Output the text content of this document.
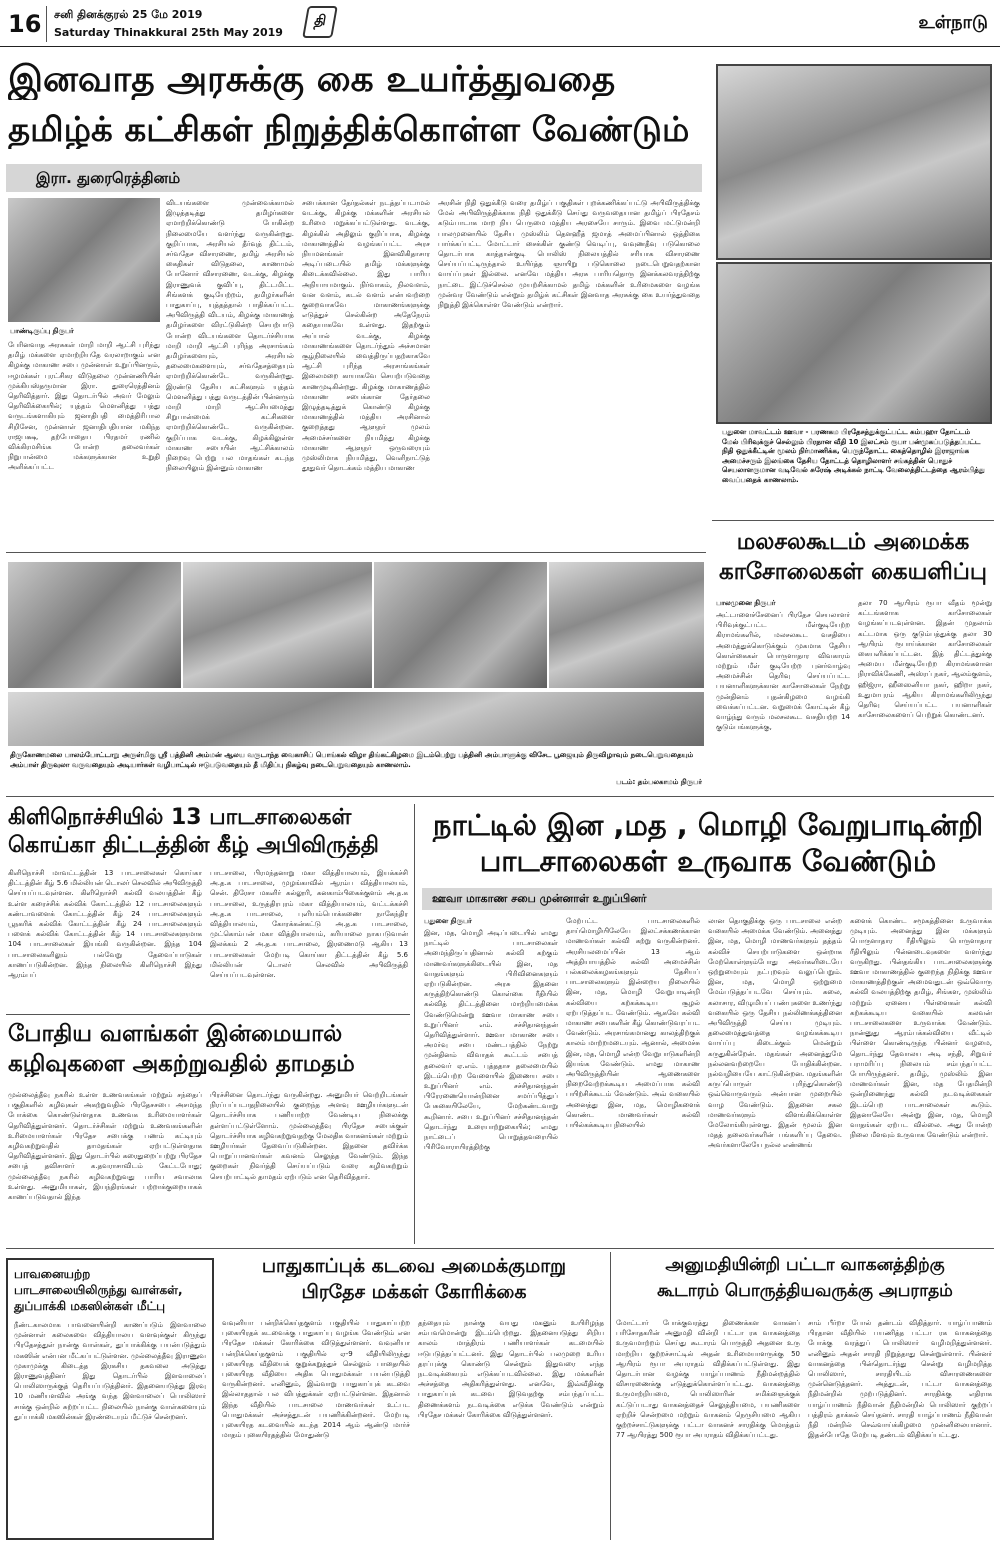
16 சனி தினக்குரல் 25 மே 2019
Saturday Thinakkural 25th May 2019
தி	உள்நாடு
இனவாத அரசுக்கு கை உயர்த்துவதை
தமிழ்க் கட்சிகள் நிறுத்திக்கொள்ள வேண்டும்
இரா. துரைரெத்தினம்
பாண்டிருப்பு நிருபர்
பேரினவாத அரசுகள் மாறி மாறி ஆட்சி புரிந்து தமிழ் மக்களை ஏமாற்றியதே வரலாறாகும் என கிழக்கு மாகாண சபை முன்னாள் உறுப்பினரும், ஈழமக்கள் புரட்சிகர விடுதலை முன்னணியின் முக்கியஸ்தருமான இரா. துரைரெத்தினம் தெரிவித்தார். இது தொடர்பில் அவர் மேலும் தெரிவிக்கையில்; யுத்தம் மௌனித்து பத்து வருடங்களாகியும் ஜனாதிபதி மைத்திரிபால சிறிசேன, முன்னாள் ஜனாதிபதியான மகிந்த ராஜபக்ஷ, தற்போதைய பிரதமர் ரணில் விக்கிரமசிங்க போன்ற தலைவர்கள் நிறுபான்மை மக்களுக்கான உறுதி அளிக்கப்பட்ட
விடயங்களை முன்வைக்காமல் இழுத்தடித்து தமிழர்களை ஏமாற்றிக்கொண்டு போகின்ற நிலைமையே வளர்ந்து வருகின்றது. குறிப்பாக, அரசியல் தீர்வுத் திட்டம், சர்வதேச விசாரணை, தமிழ் அரசியல் கைதிகள் விடுதலை, காணாமல் போனோர் விசாரணை, வடக்கு, கிழக்கு இராணுவக் குவிப்பு, திட்டமிட்ட சிங்களக் குடியேற்றம், தமிழர்களின் பாதுகாப்பு, யுத்தத்தால் பாதிக்கப்பட்ட அபிவிருத்தி விடயம், கிழக்கு மாகாணத் தமிழர்களை விரட்டுகின்ற செயற்பாடு போன்ற விடயங்களை தொடர்ச்சியாக மாறி மாறி ஆட்சி புரிந்த அரசாங்கம் தமிழர்களையும், அரசியல் தலைமைகளையும், சர்வதேசத்தையும் ஏமாற்றிக்கொண்டே வருகின்றது. இரண்டு தேசிய கட்சிகளும் யுத்தம் மௌனித்து பத்து வருடத்தின் பின்னரும் மாறி மாறி ஆட்சியமைத்து சிறுபான்மைக் கட்சிகளை ஏமாற்றிக்கொண்டே வருகின்றன. குறிப்பாக வடக்கு, கிழக்கிலுள்ள மாகாண சபையின் ஆட்சிக்காலம் நிறைவு பெற்று பல மாதங்கள் கடந்த நிலையிலும் இன்னும் மாகாண
சபைக்கான தேர்தல்கள் நடத்தப்படாமல் வடக்கு, கிழக்கு மக்களின் அரசியல் உரிமை மறுக்கப்பட்டுள்ளது. வடக்கு, கிழக்கில் அதிலும் குறிப்பாக, கிழக்கு மாகாணத்தில் வழங்கப்பட்ட அரச நியமனங்கள் இனவிகிதாசார அடிப்படையில் தமிழ் மக்களுக்கு கிடைக்கவில்லை. இது பாரிய அநியாயமாகும். நிர்வாகம், நிலவளம், வன வளம், கடல் வளம் என்பவற்றை குறைவாகவே மாகாணங்களுக்கு எடுத்துச் செல்கின்ற அதேநேரம் கதையாகவே உள்ளது. இதற்கும் அப்பால் வடக்கு, கிழக்கு மாகாணங்களை தொடர்ந்தும் அச்சமான சூழ்நிலையில் வைத்திருப்பதற்காகவே ஆட்சி புரிந்த அரசாங்கங்கள் இலைமறை காயாகவே செயற்படுவதை காணமுடிகின்றது. கிழக்கு மாகாணத்தில் மாகாண சபைக்கான தேர்தலை இழுத்தடித்துக் கொண்டு கிழக்கு மாகாணத்தில் மத்திய அரசினால் குறைத்தது ஆளுநர் முலம் அமைச்சர்களை நியமித்து கிழக்கு மாகாண ஆளுநர் ஒருவரையும் முஸ்லிமாக நியமித்து, வெளிநாட்டுத் தூதுவர் தொடக்கம் மத்திய மாகாண
அரசின் நிதி ஒதுக்கீடு வரை தமிழ்ப் பகுதிகள் புறக்கணிக்கப்பட்டு அபிவிருத்திக்கு மேல் அபிவிருத்திக்காக நிதி ஒதுக்கீடு செய்து வருவதையான தமிழ்ப் பிரதேசம் கடும்பாடாக மாற நிய பெருமை மத்திய அரசையே சாரும். இவை மட்டுமன்றி பாலமுனையில் தேசிய முஸ்லிம் தௌஹீத் ஜமாத் அமைப்பினால் ஒத்திகை பார்க்கப்பட்ட மோட்டார் சைக்கிள் குண்டு வெடிப்பு, வவுணதீவு படுகொலை தொடர்பாக காத்தான்குடி பொலிஸ் நிலையத்தில் சரியாக விசாரணை செய்யப்பட்டிருந்தால் உயிர்த்த ஞாயிறு படுகொலை நடைபெறுவதற்கான வாய்ப்புகள் இல்லை. எனவே மத்திய அரசு பாரியதொரு இனக்கலவரத்திற்கு நாட்டை இட்டுச்செல்ல முயற்சிக்காமல் தமிழ் மக்களின் உரிமைகளை வழங்க முன்வர வேண்டும் என்றும் தமிழ்க் கட்சிகள் இனவாத அரசுக்கு கை உயர்த்துவதை நிறுத்தி இக்கொள்ள வேண்டும் என்றார்.
பதுளை மாவட்டம் ஊவா - பரணகம பிரதேசத்துக்குட்பட்ட கம்பஹா தோட்டம் மேல் பிரிவுக்குச் செல்லும் பிரதான வீதி 10 இலட்சம் ரூபா பன்முகப்படுத்தப்பட்ட நிதி ஒதுக்கீட்டின் மூலம் நிர்மாணிக்க, பெருந்தோட்ட கைத்தொழில் இராஜாங்க அமைச்சரும் இலங்கை தேசிய தோட்டத் தொழிலாளர் சங்கத்தின் பொதுச் செயலாளருமான வடிவேல் சுரேஷ் அடிக்கல் நாட்டி வேலைத்திட்டத்தை ஆரம்பித்து வைப்பதைக் காணலாம்.
திருகோணமலை பாலம்போட்டாறு அருள்மிகு ஸ்ரீ பத்தினி அம்மன் ஆலய வருடாந்த வைகாசிப் பொங்கல் விழா திங்கட்கிழமை இடம்பெற்று பத்தினி அம்பாளுக்கு விசேட பூஜையும் திருவிழாவும் நடைபெறுவதையும் அம்பாள் திருவுலா வருவதையும் அடியார்கள் வழிபாட்டில் ஈடுபடுவதையும் தீ மிதிப்பு நிகழ்வு நடைபெறுவதையும் காணலாம்.
படம்: தம்பலகாமம் நிருபர்
மலசலகூடம் அமைக்க
காசோலைகள் கையளிப்பு
பாலமுனை நிருபர்
அட்டாளைச்சேனைப் பிரதேச செயலாளர் பிரிவுக்குட்பட்ட மீள்குடியேற்ற கிராமங்களில், மலசலகூட வசதியை அமைத்துக்கொடுக்கும் முகமாக தேசிய கொள்கைகள் பொருளாதார விவகாரம் மற்றும் மீள் குடியேற்ற புனர்வாழ்வு அமைச்சின் தெரிவு செய்யப்பட்ட பயனாளிகளுக்கான காசோலைகள் நேற்று முன்தினம் புதன்கிழமை வழங்கி வைக்கப்பட்டன. வறுமைக் கோட்டின் கீழ் வாழ்ந்து வரும் மலசலகூட வசதியற்ற 14 குடும்பங்களுக்கு,
தலா 70 ஆயிரம் ரூபா வீதம் மூன்று கட்டங்களாக காசோலைகள் வழங்கப்படவுள்ளன. இதன் முதலாம் கட்டமாக ஒரு குடும்பத்துக்கு தலா 30 ஆயிரம் ரூபாய்க்கான காசோலைகள் கையளிக்கப்பட்டன. இத் திட்டத்துக்கு அமைய மீள்குடியேற்ற கிராமங்களான நிராவிக்கேணி, அஸ்ரப் நகர், ஆலம்குளம், ஹிஜ்ரா, ஹீஸைனியா நகர், ஹிறா நகர், உதுமாபுரம் ஆகிய கிராமங்களிலிருந்து தெரிவு செய்யப்பட்ட பயனாளிகள் காசோலைகளைப் பெற்றுக் கொண்டனர்.
கிளிநொச்சியில் 13 பாடசாலைகள்
கொய்கா திட்டத்தின் கீழ் அபிவிருத்தி
கிளிநொச்சி மாவட்டத்தின் 13 பாடசாலைகள் கொய்கா திட்டத்தின் கீழ் 5.6 மில்லியன் டொலர் செலவில் அபிவிருத்தி செய்யப்படவுள்ளன. கிளிநொச்சி கல்வி வலயத்தின் கீழ் உள்ள கரைச்சிக் கல்விக் கோட்டத்தில் 12 பாடசாலைகளும் கண்டாவளைக் கோட்டத்தின் கீழ் 24 பாடசாலைகளும் பூநகரிக் கல்விக் கோட்டத்தின் கீழ் 24 பாடசாலைகளும் பளைக் கல்விக் கோட்டத்தின் கீழ் 14 பாடசாலைகளுமாக 104 பாடசாலைகள் இயங்கி வருகின்றன. இந்த 104 பாடசாலைகளிலும் பல்வேறு தேவைப்பாடுகள் காணப்படுகின்றன. இந்த நிலையில் கிளிநொச்சி இந்து ஆரம்பப்
பாடசாலை, பிரமந்தனாறு மகா வித்தியாலயம், இயக்கச்சி அ.த.க பாடசாலை, முழங்காவில் ஆரம்ப வித்தியாலயம், சென். திரேசா மகளிர் கல்லூரி, கனகாம்பிகைக்குளம் அ.த.க பாடசாலை, உருத்திரபுரம் மகா வித்தியாலயம், வட்டக்கச்சி அ.த.க பாடசாலை, புளியம்பொக்கணை நாகேந்திர வித்தியாலயம், கோரக்கன்கட்டு அ.த.க பாடசாலை, முட்கொம்பன் மகா வித்தியாலயம், கரியாலை நாகபடுவான் இலக்கம் 2 அ.த.க பாடசாலை, இரணைமடு ஆகிய 13 பாடசாலைகள் மேற்படி கொய்கா திட்டத்தின் கீழ் 5.6 மில்லியன் டொலர் செலவில் அபிவிருத்தி செய்யப்படவுள்ளன.
நாட்டில் இன ,மத , மொழி வேறுபாடின்றி
பாடசாலைகள் உருவாக வேண்டும்
ஊவா மாகாண சபை முன்னாள் உறுப்பினர்
பதுளை நிருபர்
இன, மத, மொழி அடிப்படையில் எமது நாட்டில் பாடசாலைகள் அமைந்திருப்பதினால் கல்வி கற்கும் மாணவர்களுக்கிடையில் இன, மத வாதங்களும் பிரிவினைகளும் ஏற்படுகின்றன. அரசு இதனை கருத்திற்கொண்டு கொள்கை ரீதியில் கல்வித் திட்டத்தினை மாற்றியமைக்க வேண்டுமென்று ஊவா மாகாண சபை உறுப்பினர் எம். சச்சிதானந்தன் தெரிவித்துள்ளார். ஊவா மாகாண சபை அமர்வு சபை மண்டபத்தில் நேற்று முன்தினம் விவாதக் கூட்டம் சபைத் தலைவர் ஏ.எம். புத்ததாச தலைமையில் இடம்பெற்ற வேளையில் இணைய சபை உறுப்பினர் எம். சச்சிதானந்தன் பிரேரணையொன்றினை சமர்ப்பித்துப் பேசுகையிலேயே, மேற்கண்டவாறு கூறினார். சபை உறுப்பினர் சச்சிதானந்தன் தொடர்ந்து உரையாற்றுகையில்; எமது நாட்டைப் பொறுத்தவரையில் பிரிவோராயிரத்திற்கு
மேற்பட்ட பாடசாலைகளில் தாய்மொழியிலேயே இலட்சக்கணக்கான மாணவர்கள் கல்வி கற்று வருகின்றனர். அரசியலமைப்பின் 13 ஆம் அத்தியாயத்தில் கல்வி அமைச்சின் பல்கலைக்கழகங்களும் தேசியப் பாடசாலைகளும் இன்றைய நிலையில் இன, மத, மொழி வேறுபாடின்றி கல்வியை கற்கக்கூடிய சூழல் ஏற்படுத்தப்பட வேண்டும். ஆகவே கல்வி மாகாண சபைகளின் கீழ் கொண்டுவரப்பட வேண்டும். அரசாங்கமானது காலத்திற்குக் காலம் மாற்றமடையும். ஆனால், அமைச்சு இன, மத, மொழி என்ற வேறுபாடுகளின்றி இயங்க வேண்டும். எமது மாகாண அபிவிருத்தியின் ஆணைகளை நிறைவேற்றக்கூடிய அமைப்பாக கல்வி பயிற்சிக்கூடம் வேண்டும். அவ் வகையில் அனைத்து இன, மத, மொழிகளைக் கொண்ட மாணவர்கள் கல்வி பயில்கக்கூடிய நிலையில்
லான தொகுதிக்கு ஒரு பாடசாலை என்ற வகையில் அமைக்க வேண்டும். அனைத்து இன, மத, மொழி மாணவர்களும் தத்தம் கல்விச் செயற்பாடுகளை ஒன்றாக மேற்கொள்ளும்போது அவர்களிடையே ஒற்றுமையும் நட்புறவும் வலுப்பெறும். இன, மத, மொழி ஒற்றுமை மேம்படுத்தப்படவே செய்யும். கலை, கலாசார, விழுமியப் பண்புகளை உணர்ந்து வகையில் ஒரு தேசிய நல்லிணக்கத்தினை அபிவிருத்தி செய்ய முடியும். தலைமைத்துவத்தை வழங்கக்கூடிய வாய்ப்பு கிடைக்கும் மென்றும் கருதுகின்றேன். மதங்கள் அனைத்துமே நல்லனவற்றையே போதிக்கின்றன. நல்வழியையே காட்டுகின்றன. மதங்களின் கருப்பொருள் புரிந்துகொண்டு ஒவ்வொருவரும் அன்பான முறையில் வாழ வேண்டும். இதனை சகல மாணவர்களும் விளங்கிக்கொள்ள மேலோங்கியுள்ளது. இதன் மூலம் இன மதத் தலைவர்களின் பங்களிப்பு தேவை. அவர்களாலேயே நல்ல எண்ணங்
களைக் கொண்ட சமூகத்தினை உருவாக்க முடியும். அனைத்து இன மக்களும் பொருளாதார ரீதியிலும் பொருளாதார ரீதியிலும் பின்னடைவுகளை வளர்ந்து வருகிறது. பின்தங்கிய பாடசாலைகளுக்கு ஊவா மாகாணத்தில் குறைந்த நிதிக்கு ஊவா மாகாணத்திற்குள் அமைவதுடன் ஒவ்வொரு கல்வி வலயத்திற்கு தமிழ், சிங்கள, முஸ்லிம் மற்றும் ஏனைய பிள்ளைகள் கல்வி கற்கக்கூடிய வகையில் கலவன் பாடசாலைகளை உருவாக்க வேண்டும். நான்னுது ஆரம்பக்கல்வியை வீட்டில் பிள்ளை கொண்டிருந்த பின்னர் வழமை, தொடர்ந்து தேவாலய அடி சந்தி, சிறுவர் பராமரிப்பு நிலையம் சம்பந்தப்பட்ட போயிருந்தனர். தமிழ், முஸ்லிம் இன மாணவர்கள் இன, மத பேதமின்றி ஒன்றிணைந்து கல்வி நடவடிக்கைகள் இடம்பெற பாடசாலைகள் கூடும். இதனாலேயே அன்று இன, மத, மொழி வாதங்கள் ஏற்பட வில்லை. அது போன்ற நிலை மீளவும் உருவாக வேண்டும் என்றார்.
போதிய வளங்கள் இன்மையால்
கழிவுகளை அகற்றுவதில் தாமதம்
முல்லைத்தீவு நகரில் உள்ள உணவகங்கள் மற்றும் சந்தைப் பகுதிகளில் கழிவுகள் அகற்றுவதில் பிரதேசசபை அசமந்த போக்கை கொண்டுள்ளதாக உணவக உரிமையாளர்கள் தெரிவித்துள்ளனர். தொடர்ச்சிகள் மற்றும் உணவகங்களின் உரிமையாளர்கள் பிரதேச சபைக்கு பணம் கட்டியும் கழிவகற்றுவதில் தாமதங்கள் ஏற்பட்டுள்ளதாக தெரிவித்துள்ளனர். இது தொடர்பில் கரைதுறைப்பற்று பிரதேச சபைத் தவிசாளர் க.தவராசாவிடம் கேட்டபோது; முல்லைத்தீவு நகரில் கழிவகற்றுவது பாரிய சவாலாக உள்ளது. அனுமியாகள், இயந்திரங்கள் பற்றாக்குறையாகக் காணப்படுவதால் இந்த
பிரச்சினை தொடர்ந்து வருகின்றது. அனுமியர் வெற்றிடங்கள் நிரப்பப்படாதநிலையில் குறைந்த அளவு ஊழியர்களுடன் தொடர்ச்சியாக பணியாற்ற வேண்டிய நிலைக்கு தள்ளப்பட்டுள்ளோம். முல்லைத்தீவு பிரதேச சபைக்குள் தொடர்ச்சியாக கழிவகற்றுவதற்கு மேலதிக வாகனங்கள் மற்றும் ஊழியர்கள் தேவைப்படுகின்றன. இதனை தவிர்க்க பொறுப்பானவர்கள் கவனம் செலுத்த வேண்டும். இந்த குறைகள் நிவர்த்தி செய்யப்படும் வரை கழிவகற்றும் செயற்பாட்டில் தாமதம் ஏற்படும் என தெரிவித்தார்.
பாவனையற்ற
பாடசாலையிலிருந்து வாள்கள்,
துப்பாக்கி மகஸின்கள் மீட்பு
நீண்டகாலமாக பாவனையின்றி காணப்படும் இளவாலை முன்னாள் கலைகவை வித்தியாலய வளவுக்குள் கிருந்து பிரதேசத்துள் நான்கு வாள்கள், துப்பாக்கிக்கு பயன்படுத்தும் மகஸின் என்பன மீட்கப்பட்டுள்ளன. முல்லைத்தீவு இராணுவ முகாமுக்கு கிடைத்த இரகசிய தகவலை அடுத்து இராணுவத்தினர் இது தொடர்பில் இளவாலைப் பொலிஸாருக்குத் தெரியப்படுத்தினர். இதனையடுத்து இரவு 10 மணியளவில் அங்கு வந்த இளவாலைப் பொலிஸார் சாக்கு ஒன்றில் சுற்றப்பட்ட நிலையில் நான்கு வாள்களையும் துப்பாக்கி மகஸின்கள் இரண்டையும் மீட்டுச் சென்றனர்.
பாதுகாப்புக் கடவை அமைக்குமாறு
பிரதேச மக்கள் கோரிக்கை
வவுனியா பன்றிக்கெய்தகுளம் பகுதியில் பாதுகாப்பற்ற புகையிரதக் கடவைக்கு பாதுகாப்பு வழங்க வேண்டும் என பிரதேச மக்கள் கோரிக்கை விடுத்துள்ளனர். வவுனியா பன்றிக்கெய்தகுளம் பகுதியில் ஏ-9 வீதியிலிருந்து புகையிரத வீதியைக் குறுக்கறுத்துச் செல்லும் பாதையில் புகையிரத வீதியை அதிக பொதுமக்கள் பயன்படுத்தி வருகின்றனர். எனினும், இவ்வாறு பாதுகாப்புக் கடவை இல்லாததால் பல விபத்துக்கள் ஏற்பட்டுள்ளன. இதனால் இந்த வீதியில் பாடசாலை மாணவர்கள் உட்பட பொதுமக்கள் அச்சத்துடன் பயணிக்கின்றனர். மேற்படி புகையிரத கடவையில் கடந்த 2014 ஆம் ஆண்டு மார்ச் மாதம் புகையிரதத்தில் மோதுண்டு
தந்தையும் நான்கு வயது மகனும் உயிரிழந்த சம்பவமொன்று இடம்பெற்றது. இதனையடுத்து சிறிய காலம் மாத்திரம் பணியாளர்கள் கடமையில் ஈடுபடுத்தப்பட்டனர். இது தொடர்பில் பலமுறை உரிய தரப்புக்கு கொண்டு சென்றும் இதுவரை எந்த நடவடிக்கையும் எடுக்கப்படவில்லை. இது மக்களின் அச்சத்தை அதிகரித்துள்ளது. எனவே, இவ்வீதிக்கு பாதுகாப்புக் கடவை இடுவதற்கு சம்பந்தப்பட்ட திணைக்களம் நடவடிக்கை எடுக்க வேண்டும் என்றும் பிரதேச மக்கள் கோரிக்கை விடுத்துள்ளனர்.
அனுமதியின்றி பட்டா வாகனத்திற்கு
கூடாரம் பொருத்தியவருக்கு அபராதம்
மோட்டார் போக்குவரத்து திணைக்கள வாகனப் பரிசோதகரின் அனுமதி வின்றி பட்டா ரக வாகனத்தை உருவமாற்றம் செய்து கூடாரம் பொருத்தி அதனை உரு மாற்றிய குற்றச்சாட்டில் அதன் உரிமையாளருக்கு 50 ஆயிரம் ரூபா அபராதம் விதிக்கப்பட்டுள்ளது. இது தொடர்பான வழக்கு யாழ்ப்பாணம் நீதிமன்றத்தில் விசாரணைக்கு எடுத்துக்கொள்ளப்பட்டது. வாகனத்தை உருமாற்றியமை, பொலிஸாரின் சமிக்ஞைக்குக் கட்டுப்படாது வாகனத்தைச் செலுத்தியமை, பயணிகளை ஏற்றிச் சென்றமை மற்றும் வாகனம் நெருசியமை ஆகிய குற்றச்சாட்டுகளுக்கு பட்டா வாகனச் சாரதிக்கு மொத்தம் 77 ஆயிரத்து 500 ரூபா அபராதம் விதிக்கப்பட்டது.
சாம் பீர்றா போல் தண்டம் விதித்தார். யாழ்ப்பாணம் பிரதான வீதியில் பயணித்த பட்டா ரக வாகனத்தை போக்கு வரத்துப் பொலிஸார் வழிமறித்துள்ளனர். எனினும் அதன் சாரதி நிறுத்தாது சென்றுள்ளார். பின்னர் வாகனத்தை பின்தொடர்ந்து சென்று வழிமறித்த பொலிஸார், சாரதியிடம் விசாரணைகளை முன்னெடுத்தனர். அத்துடன், பட்டா வாகனத்தை நீதிமன்றில் முற்படுத்தினர். சாரதிக்கு எதிராக யாழ்ப்பாணம் நீதிவான் நீதிமன்றில் பொலிஸார் குற்றப் பத்திரம் தாக்கல் செய்தனர். சாரதி யாழ்ப்பாணம் நீதிவான் நீதி மன்றில் செவ்வாய்க்கிழமை முன்னிலையானார். இதன்போதே மேற்படி தண்டம் விதிக்கப்பட்டது.
